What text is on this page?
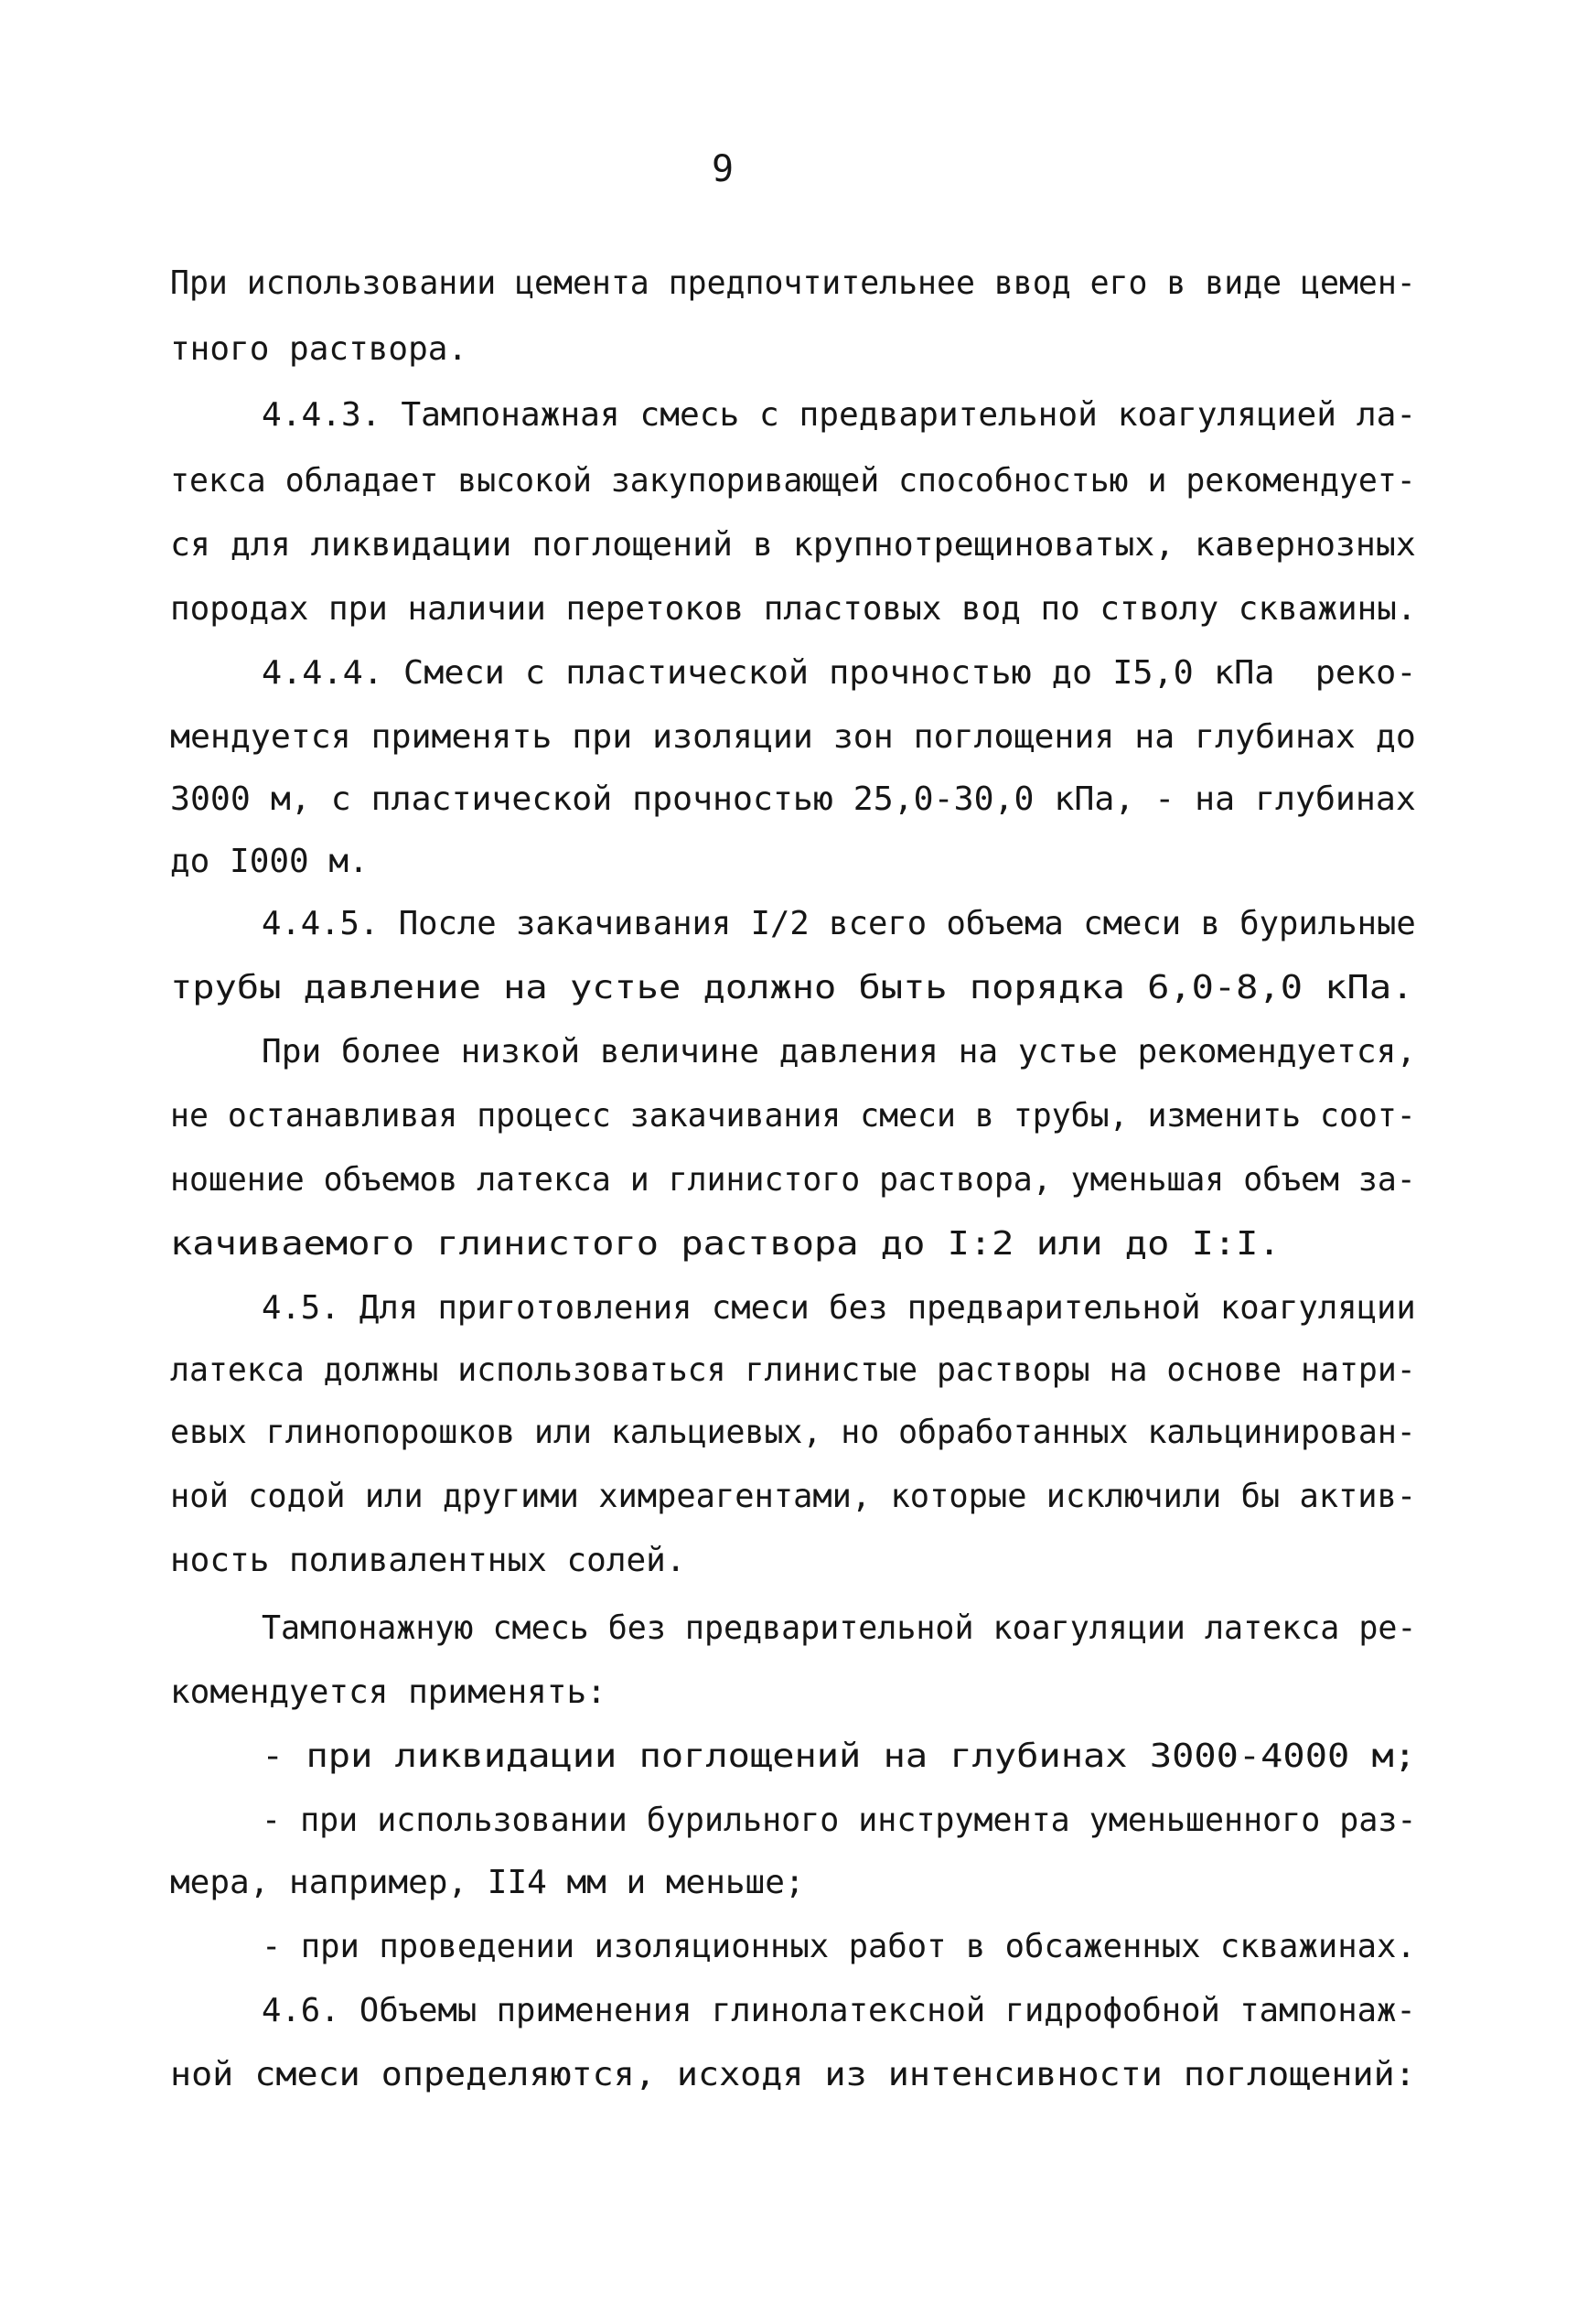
9
При использовании цемента предпочтительнее ввод его в виде цемен-
тного раствора.
4.4.3. Тампонажная смесь с предварительной коагуляцией ла-
текса обладает высокой закупоривающей способностью и рекомендует-
ся для ликвидации поглощений в крупнотрещиноватых, кавернозных
породах при наличии перетоков пластовых вод по стволу скважины.
4.4.4. Смеси с пластической прочностью до I5,0 кПа  реко-
мендуется применять при изоляции зон поглощения на глубинах до
3000 м, с пластической прочностью 25,0-30,0 кПа, - на глубинах
до I000 м.
4.4.5. После закачивания I/2 всего объема смеси в бурильные
трубы давление на устье должно быть порядка 6,0-8,0 кПа.
При более низкой величине давления на устье рекомендуется,
не останавливая процесс закачивания смеси в трубы, изменить соот-
ношение объемов латекса и глинистого раствора, уменьшая объем за-
качиваемого глинистого раствора до I:2 или до I:I.
4.5. Для приготовления смеси без предварительной коагуляции
латекса должны использоваться глинистые растворы на основе натри-
евых глинопорошков или кальциевых, но обработанных кальцинирован-
ной содой или другими химреагентами, которые исключили бы актив-
ность поливалентных солей.
Тампонажную смесь без предварительной коагуляции латекса ре-
комендуется применять:
- при ликвидации поглощений на глубинах 3000-4000 м;
- при использовании бурильного инструмента уменьшенного раз-
мера, например, II4 мм и меньше;
- при проведении изоляционных работ в обсаженных скважинах.
4.6. Объемы применения глинолатексной гидрофобной тампонаж-
ной смеси определяются, исходя из интенсивности поглощений:
